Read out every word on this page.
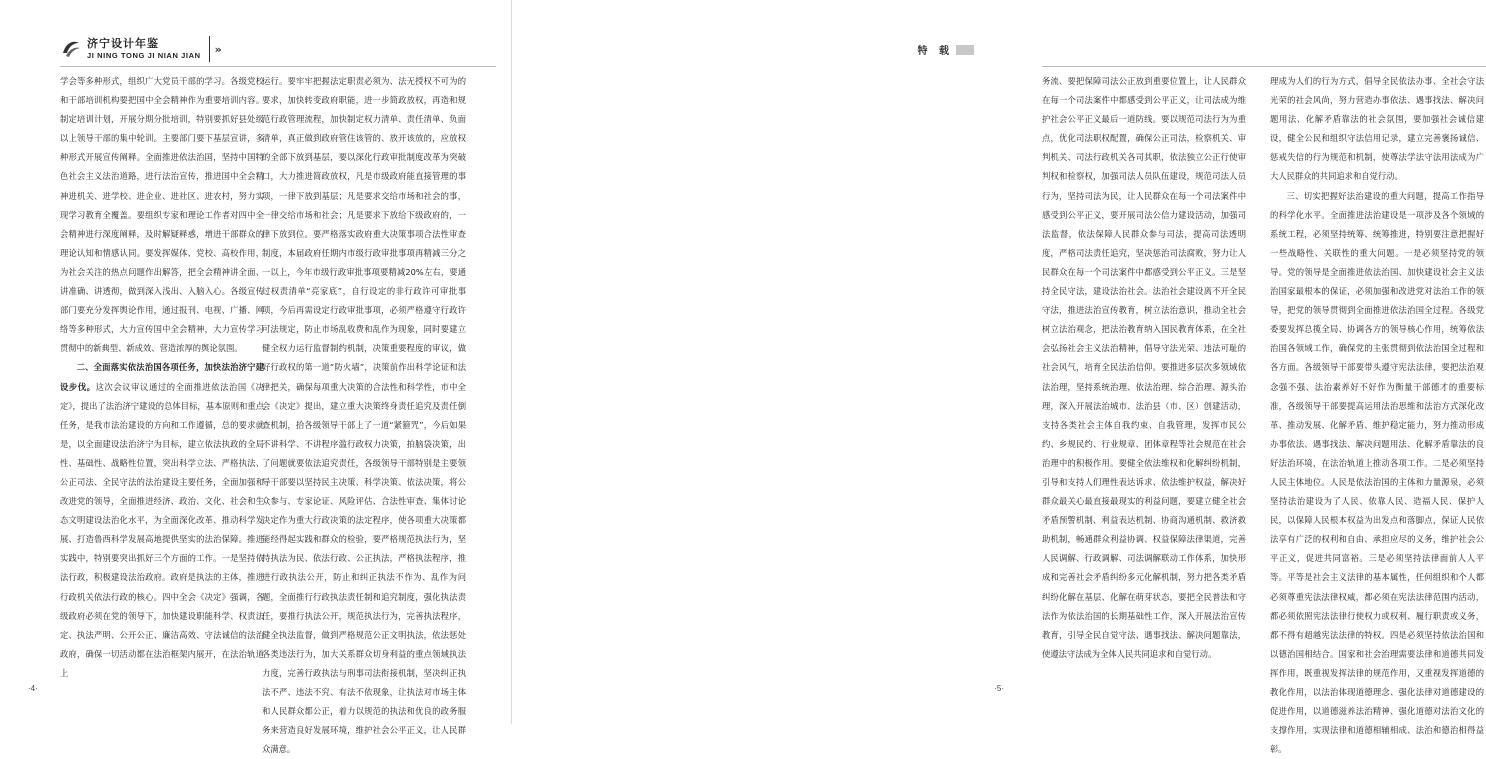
济宁设计年鉴
JI NING TONG JI NIAN JIAN
»

学会等多种形式，组织广大党员干部的学习。各级党校和干部培训机构要把国中全会精神作为重要培训内容。制定培训计划，开展分期分批培训，特别要抓好县处级以上领导干部的集中轮训。主要部门要下基层宣讲，多种形式开展宣传阐释。全面推进依法治国，坚持中国特色社会主义法治道路，进行法治宣传，推进国中全会精神进机关、进学校、进企业、进社区、进农村，努力实现学习教育全覆盖。要组织专家和理论工作者对四中全会精神进行深度阐释，及时解疑释惑，增进干部群众的理论认知和情感认同。要发挥媒体、党校、高校作用，为社会关注的热点问题作出解答，把全会精神讲全面、讲准确、讲透彻，做到深入浅出、入脑入心。各级宣传部门要充分发挥舆论作用，通过报刊、电视、广播、网络等多种形式，大力宣传国中全会精神，大力宣传学习贯彻中的新典型、新成效、营造浓厚的舆论氛围。

二、全面落实依法治国各项任务，加快法治济宁建设步伐。这次会议审议通过的全面推进依法治国《决定》，提出了法治济宁建设的总体目标，基本原则和重点任务，是我市法治建设的方向和工作遵循，总的要求就是，以全面建设法治济宁为目标，建立依法执政的全局性、基础性、战略性位置，突出科学立法、严格执法、公正司法、全民守法的法治建设主要任务，全面加强和改进党的领导，全面推进经济、政治、文化、社会和生态文明建设法治化水平，为全面深化改革、推动科学发展、打造鲁西科学发展高地提供坚实的法治保障。推进实践中，特别要突出抓好三个方面的工作。一是坚持依法行政，积极建设法治政府。政府是执法的主体，推进行政机关依法行政的核心。四中全会《决定》强调，各级政府必须在党的领导下，加快建设职能科学、权责法定、执法严明、公开公正、廉洁高效、守法诚信的法治政府，确保一切活动都在法治框架内展开，在法治轨道上

运行。要牢牢把握法定职责必须为、法无授权不可为的要求，加快转变政府职能，进一步简政放权，再造和规范行政管理流程，加快制定权力清单、责任清单、负面清单，真正做到政府管住该管的、放开该放的，应放权的全部下放到基层，要以深化行政审批制度改革为突破口，大力推进简政放权，凡是市级政府能直接管理的事项，一律下放到基层；凡是要求交给市场和社会的事，一律交给市场和社会；凡是要求下放给下级政府的，一律下放到位。要严格落实政府重大决策事项合法性审查制度，本届政府任期内市级行政审批事项再精减三分之一以上，今年市级行政审批事项要精减20%左右，要通过权责清单“亮家底”，自行设定的非行政许可审批事项，今后再需设定行政审批事项，必须严格遵守行政许可法规定，防止市场乱收费和乱作为现象，同时要建立健全权力运行监督制约机制，决策重要程度的审议，做好行政权的第一道“防火墙”，决策前作出科学论证和法律把关，确保每项重大决策的合法性和科学性，市中全会《决定》提出，建立重大决策终身责任追究及责任倒查机制，拾各级领导干部上了一道“紧箍咒”，今后如果不讲科学、不讲程序滥行政权力决策，拍脑袋决策，出了问题就要依法追究责任，各级领导干部特别是主要领导干部要以坚持民主决策、科学决策、依法决策，将公众参与、专家论证、风险评估、合法性审查、集体讨论决定作为重大行政决策的法定程序，使各项重大决策都能经得起实践和群众的检验，要严格规范执法行为，坚持执法为民、依法行政、公正执法，严格执法程序，推进行政执法公开，防止和纠正执法不作为、乱作为问题，全面推行行政执法责任制和追究制度，强化执法责任，要推行执法公开，规范执法行为，完善执法程序，健全执法监督，做到严格规范公正文明执法，依法惩处各类违法行为，加大关系群众切身利益的重点领域执法力度，完善行政执法与刑事司法衔接机制，坚决纠正执法不严、违法不究、有法不依现象，让执法对市场主体和人民群众都公正，着力以规范的执法和优良的政务服务来营造良好发展环境，维护社会公平正义，让人民群众满意。

·4·

务流、要把保障司法公正放到重要位置上，让人民群众在每一个司法案件中都感受到公平正义，让司法成为维护社会公平正义最后一道防线。要以规范司法行为为重点，优化司法职权配置，确保公正司法，检察机关、审判机关、司法行政机关各司其职，依法独立公正行使审判权和检察权，加强司法人员队伍建设，规范司法人员行为，坚持司法为民，让人民群众在每一个司法案件中感受到公平正义，要开展司法公信力建设活动，加强司法监督，依法保障人民群众参与司法，提高司法透明度，严格司法责任追究，坚决惩治司法腐败，努力让人民群众在每一个司法案件中都感受到公平正义。三是坚持全民守法，建设法治社会。法治社会建设离不开全民守法，推进法治宣传教育，树立法治意识，推动全社会树立法治观念，把法治教育纳入国民教育体系，在全社会弘扬社会主义法治精神，倡导守法光荣、违法可耻的社会风气，培育全民法治信仰。要推进多层次多领域依法治理，坚持系统治理、依法治理、综合治理、源头治理，深入开展法治城市、法治县（市、区）创建活动，支持各类社会主体自我约束、自我管理，发挥市民公约、乡规民约、行业规章、团体章程等社会规范在社会治理中的积极作用。要健全依法维权和化解纠纷机制，引导和支持人们理性表达诉求、依法维护权益，解决好群众最关心最直接最现实的利益问题，要建立健全社会矛盾预警机制、利益表达机制、协商沟通机制、救济救助机制，畅通群众利益协调、权益保障法律渠道，完善人民调解、行政调解、司法调解联动工作体系，加快形成和完善社会矛盾纠纷多元化解机制，努力把各类矛盾纠纷化解在基层、化解在萌芽状态，要把全民普法和守法作为依法治国的长期基础性工作，深入开展法治宣传教育，引导全民自觉守法、遇事找法、解决问题靠法，使遵法守法成为全体人民共同追求和自觉行动。

理成为人们的行为方式，倡导全民依法办事、全社会守法光荣的社会风尚，努力营造办事依法、遇事找法、解决问题用法、化解矛盾靠法的社会氛围，要加强社会诚信建设，健全公民和组织守法信用记录，建立完善褒扬诚信、惩戒失信的行为规范和机制，使尊法学法守法用法成为广大人民群众的共同追求和自觉行动。

三、切实把握好法治建设的重大问题，提高工作指导的科学化水平。全面推进法治建设是一项涉及各个领域的系统工程，必须坚持统筹、统筹推进，特别要注意把握好一些战略性、关联性的重大问题。一是必须坚持党的领导。党的领导是全面推进依法治国、加快建设社会主义法治国家最根本的保证，必须加强和改进党对法治工作的领导，把党的领导贯彻到全面推进依法治国全过程。各级党委要发挥总揽全局、协调各方的领导核心作用，统筹依法治国各领域工作，确保党的主张贯彻到依法治国全过程和各方面。各级领导干部要带头遵守宪法法律，要把法治观念强不强、法治素养好不好作为衡量干部德才的重要标准，各级领导干部要提高运用法治思维和法治方式深化改革、推动发展、化解矛盾、维护稳定能力，努力推动形成办事依法、遇事找法、解决问题用法、化解矛盾靠法的良好法治环境，在法治轨道上推动各项工作。二是必须坚持人民主体地位。人民是依法治国的主体和力量源泉，必须坚持法治建设为了人民、依靠人民、造福人民、保护人民，以保障人民根本权益为出发点和落脚点，保证人民依法享有广泛的权利和自由、承担应尽的义务，维护社会公平正义，促进共同富裕。三是必须坚持法律面前人人平等。平等是社会主义法律的基本属性，任何组织和个人都必须尊重宪法法律权威，都必须在宪法法律范围内活动，都必须依照宪法法律行使权力或权利、履行职责或义务，都不得有超越宪法法律的特权。四是必须坚持依法治国和以德治国相结合。国家和社会治理需要法律和道德共同发挥作用，既重视发挥法律的规范作用，又重视发挥道德的教化作用，以法治体现道德理念、强化法律对道德建设的促进作用，以道德滋养法治精神、强化道德对法治文化的支撑作用，实现法律和道德相辅相成、法治和德治相得益彰。

·5·
特 载
